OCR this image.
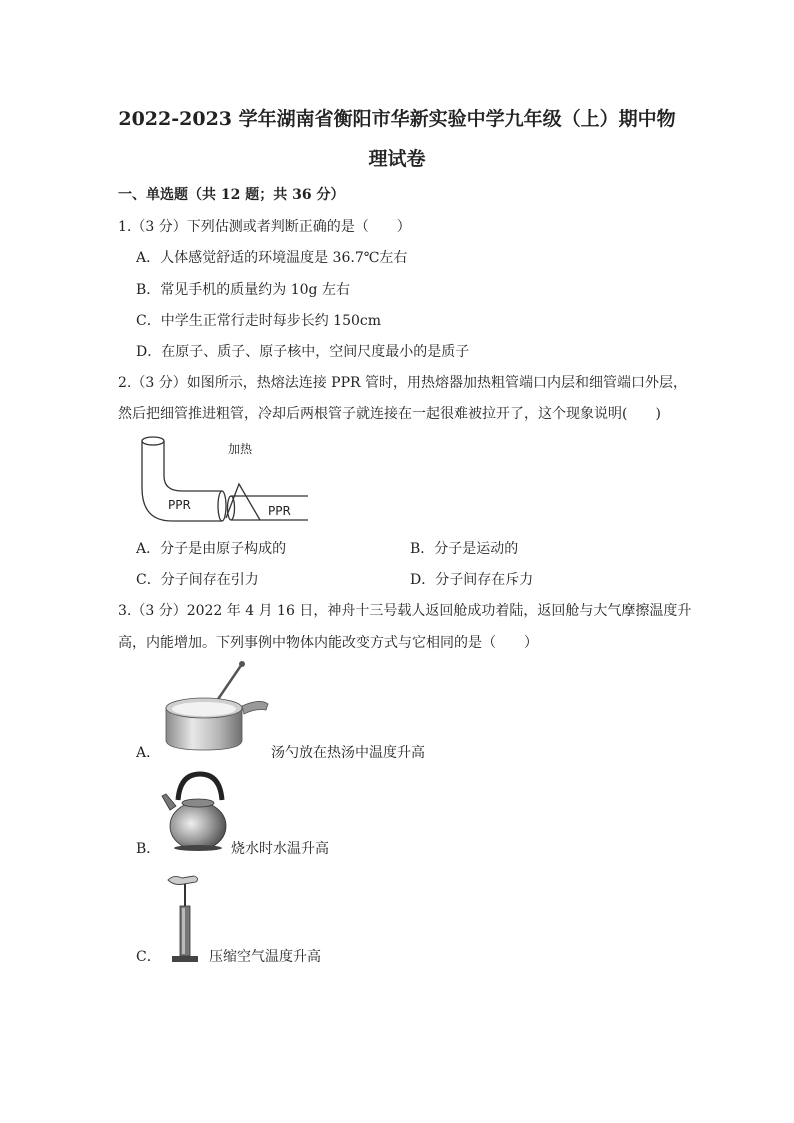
2022-2023 学年湖南省衡阳市华新实验中学九年级（上）期中物
理试卷
一、单选题（共 12 题；共 36 分）
1.（3 分）下列估测或者判断正确的是（　　）
A．人体感觉舒适的环境温度是 36.7℃左右
B．常见手机的质量约为 10g 左右
C．中学生正常行走时每步长约 150cm
D．在原子、质子、原子核中，空间尺度最小的是质子
2.（3 分）如图所示，热熔法连接 PPR 管时，用热熔器加热粗管端口内层和细管端口外层，
然后把细管推进粗管，冷却后两根管子就连接在一起很难被拉开了，这个现象说明(　　)
加热
PPR	PPR
A．分子是由原子构成的	B．分子是运动的
C．分子间存在引力	D．分子间存在斥力
3.（3 分）2022 年 4 月 16 日，神舟十三号载人返回舱成功着陆，返回舱与大气摩擦温度升
高，内能增加。下列事例中物体内能改变方式与它相同的是（　　）
A．	汤勺放在热汤中温度升高
B．	烧水时水温升高
C．	压缩空气温度升高
